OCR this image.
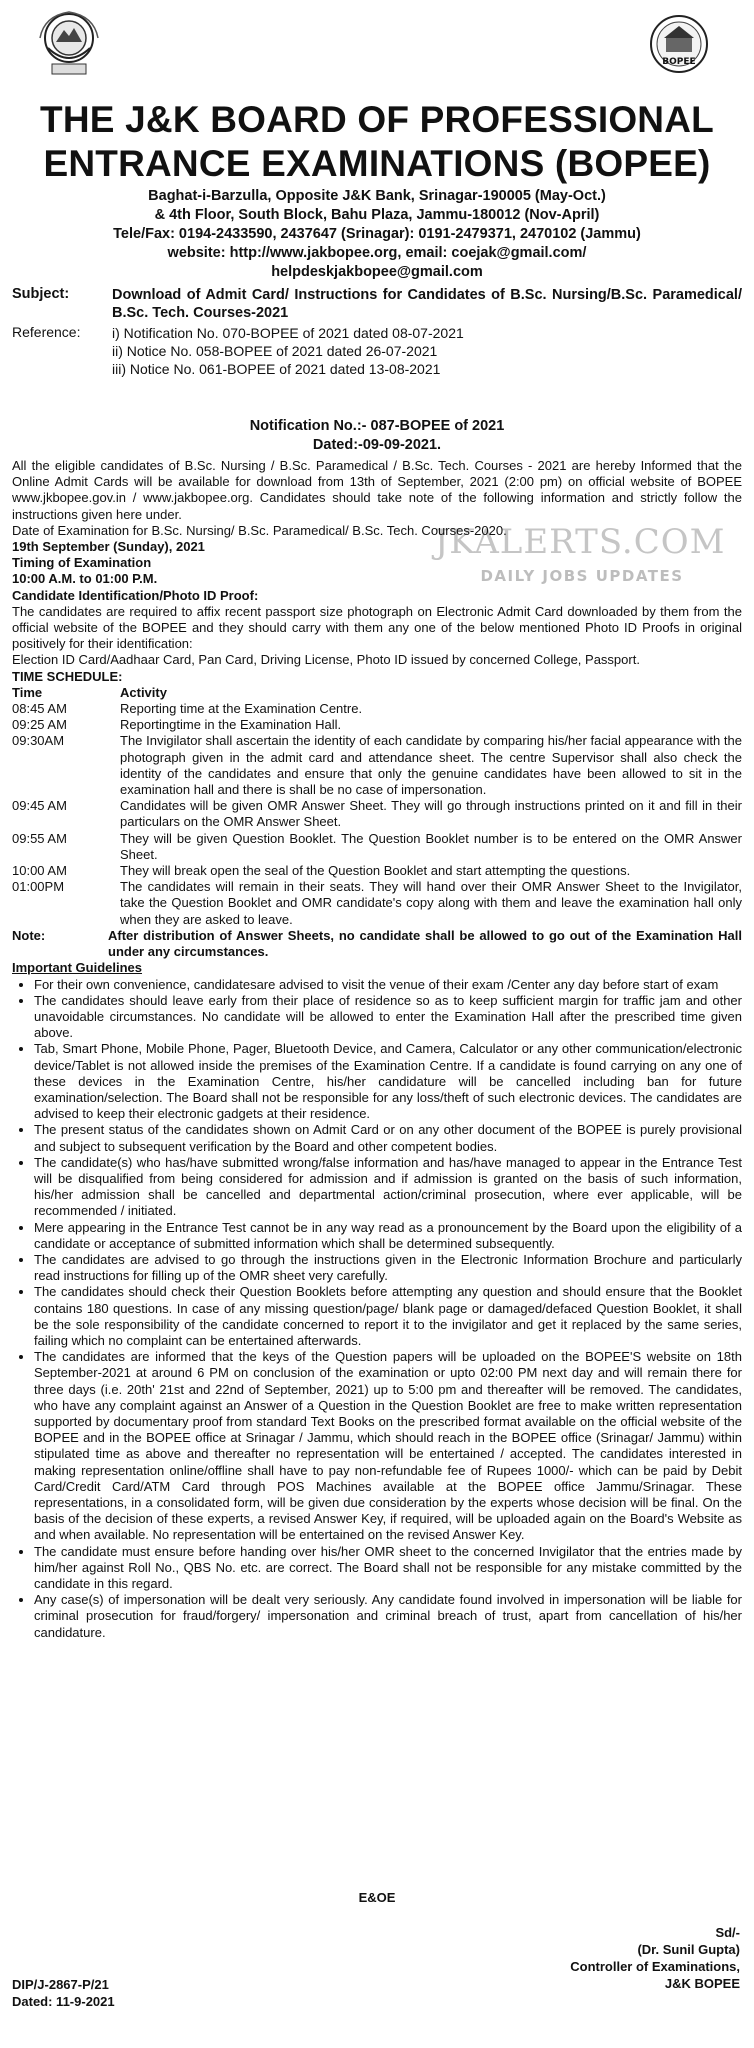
BOPEE
THE J&K BOARD OF PROFESSIONAL
ENTRANCE EXAMINATIONS (BOPEE)
Baghat-i-Barzulla, Opposite J&K Bank, Srinagar-190005 (May-Oct.)
& 4th Floor, South Block, Bahu Plaza, Jammu-180012 (Nov-April)
Tele/Fax: 0194-2433590, 2437647 (Srinagar): 0191-2479371, 2470102 (Jammu)
website: http://www.jakbopee.org, email: coejak@gmail.com/
helpdeskjakbopee@gmail.com
Subject:	Download of Admit Card/ Instructions for Candidates of B.Sc. Nursing/B.Sc. Paramedical/ B.Sc. Tech. Courses-2021
Reference:	i) Notification No. 070-BOPEE of 2021 dated 08-07-2021
ii) Notice No. 058-BOPEE of 2021 dated 26-07-2021
iii) Notice No. 061-BOPEE of 2021 dated 13-08-2021
Notification No.:- 087-BOPEE of 2021
Dated:-09-09-2021.
JKALERTS.COM
DAILY JOBS UPDATES
All the eligible candidates of B.Sc. Nursing / B.Sc. Paramedical / B.Sc. Tech. Courses - 2021 are hereby Informed that the Online Admit Cards will be available for download from 13th of September, 2021 (2:00 pm) on official website of BOPEE www.jkbopee.gov.in / www.jakbopee.org. Candidates should take note of the following information and strictly follow the instructions given here under.
Date of Examination for B.Sc. Nursing/ B.Sc. Paramedical/ B.Sc. Tech. Courses-2020.
19th September (Sunday), 2021
Timing of Examination
10:00 A.M. to 01:00 P.M.
Candidate Identification/Photo ID Proof:
The candidates are required to affix recent passport size photograph on Electronic Admit Card downloaded by them from the official website of the BOPEE and they should carry with them any one of the below mentioned Photo ID Proofs in original positively for their identification:
Election ID Card/Aadhaar Card, Pan Card, Driving License, Photo ID issued by concerned College, Passport.
TIME SCHEDULE:
Time	Activity
08:45 AM	Reporting time at the Examination Centre.
09:25 AM	Reportingtime in the Examination Hall.
09:30AM	The Invigilator shall ascertain the identity of each candidate by comparing his/her facial appearance with the photograph given in the admit card and attendance sheet. The centre Supervisor shall also check the identity of the candidates and ensure that only the genuine candidates have been allowed to sit in the examination hall and there is shall be no case of impersonation.
09:45 AM	Candidates will be given OMR Answer Sheet. They will go through instructions printed on it and fill in their particulars on the OMR Answer Sheet.
09:55 AM	They will be given Question Booklet. The Question Booklet number is to be entered on the OMR Answer Sheet.
10:00 AM	They will break open the seal of the Question Booklet and start attempting the questions.
01:00PM	The candidates will remain in their seats. They will hand over their OMR Answer Sheet to the Invigilator, take the Question Booklet and OMR candidate's copy along with them and leave the examination hall only when they are asked to leave.
Note:	After distribution of Answer Sheets, no candidate shall be allowed to go out of the Examination Hall under any circumstances.
Important Guidelines
• For their own convenience, candidatesare advised to visit the venue of their exam /Center any day before start of exam
• The candidates should leave early from their place of residence so as to keep sufficient margin for traffic jam and other unavoidable circumstances. No candidate will be allowed to enter the Examination Hall after the prescribed time given above.
• Tab, Smart Phone, Mobile Phone, Pager, Bluetooth Device, and Camera, Calculator or any other communication/electronic device/Tablet is not allowed inside the premises of the Examination Centre. If a candidate is found carrying on any one of these devices in the Examination Centre, his/her candidature will be cancelled including ban for future examination/selection. The Board shall not be responsible for any loss/theft of such electronic devices. The candidates are advised to keep their electronic gadgets at their residence.
• The present status of the candidates shown on Admit Card or on any other document of the BOPEE is purely provisional and subject to subsequent verification by the Board and other competent bodies.
• The candidate(s) who has/have submitted wrong/false information and has/have managed to appear in the Entrance Test will be disqualified from being considered for admission and if admission is granted on the basis of such information, his/her admission shall be cancelled and departmental action/criminal prosecution, where ever applicable, will be recommended / initiated.
• Mere appearing in the Entrance Test cannot be in any way read as a pronouncement by the Board upon the eligibility of a candidate or acceptance of submitted information which shall be determined subsequently.
• The candidates are advised to go through the instructions given in the Electronic Information Brochure and particularly read instructions for filling up of the OMR sheet very carefully.
• The candidates should check their Question Booklets before attempting any question and should ensure that the Booklet contains 180 questions. In case of any missing question/page/ blank page or damaged/defaced Question Booklet, it shall be the sole responsibility of the candidate concerned to report it to the invigilator and get it replaced by the same series, failing which no complaint can be entertained afterwards.
• The candidates are informed that the keys of the Question papers will be uploaded on the BOPEE'S website on 18th September-2021 at around 6 PM on conclusion of the examination or upto 02:00 PM next day and will remain there for three days (i.e. 20th' 21st and 22nd of September, 2021) up to 5:00 pm and thereafter will be removed. The candidates, who have any complaint against an Answer of a Question in the Question Booklet are free to make written representation supported by documentary proof from standard Text Books on the prescribed format available on the official website of the BOPEE and in the BOPEE office at Srinagar / Jammu, which should reach in the BOPEE office (Srinagar/ Jammu) within stipulated time as above and thereafter no representation will be entertained / accepted. The candidates interested in making representation online/offline shall have to pay non-refundable fee of Rupees 1000/- which can be paid by Debit Card/Credit Card/ATM Card through POS Machines available at the BOPEE office Jammu/Srinagar. These representations, in a consolidated form, will be given due consideration by the experts whose decision will be final. On the basis of the decision of these experts, a revised Answer Key, if required, will be uploaded again on the Board's Website as and when available. No representation will be entertained on the revised Answer Key.
• The candidate must ensure before handing over his/her OMR sheet to the concerned Invigilator that the entries made by him/her against Roll No., QBS No. etc. are correct. The Board shall not be responsible for any mistake committed by the candidate in this regard.
• Any case(s) of impersonation will be dealt very seriously. Any candidate found involved in impersonation will be liable for criminal prosecution for fraud/forgery/ impersonation and criminal breach of trust, apart from cancellation of his/her candidature.
E&OE
Sd/-
(Dr. Sunil Gupta)
Controller of Examinations,
J&K BOPEE
DIP/J-2867-P/21
Dated: 11-9-2021
